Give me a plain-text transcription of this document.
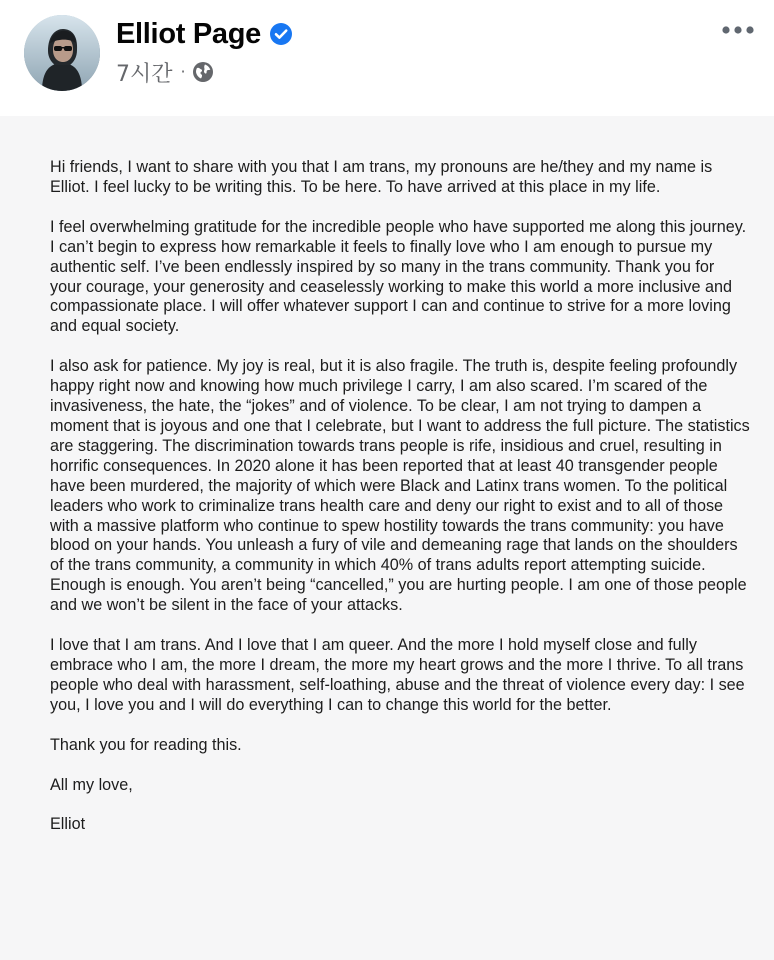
Elliot Page
7시간 ·

Hi friends, I want to share with you that I am trans, my pronouns are he/they and my name is Elliot. I feel lucky to be writing this. To be here. To have arrived at this place in my life.

I feel overwhelming gratitude for the incredible people who have supported me along this journey. I can’t begin to express how remarkable it feels to finally love who I am enough to pursue my authentic self. I’ve been endlessly inspired by so many in the trans community. Thank you for your courage, your generosity and ceaselessly working to make this world a more inclusive and compassionate place. I will offer whatever support I can and continue to strive for a more loving and equal society.

I also ask for patience. My joy is real, but it is also fragile. The truth is, despite feeling profoundly happy right now and knowing how much privilege I carry, I am also scared. I’m scared of the invasiveness, the hate, the “jokes” and of violence. To be clear, I am not trying to dampen a moment that is joyous and one that I celebrate, but I want to address the full picture. The statistics are staggering. The discrimination towards trans people is rife, insidious and cruel, resulting in horrific consequences. In 2020 alone it has been reported that at least 40 transgender people have been murdered, the majority of which were Black and Latinx trans women. To the political leaders who work to criminalize trans health care and deny our right to exist and to all of those with a massive platform who continue to spew hostility towards the trans community: you have blood on your hands. You unleash a fury of vile and demeaning rage that lands on the shoulders of the trans community, a community in which 40% of trans adults report attempting suicide. Enough is enough. You aren’t being “cancelled,” you are hurting people. I am one of those people and we won’t be silent in the face of your attacks.

I love that I am trans. And I love that I am queer. And the more I hold myself close and fully embrace who I am, the more I dream, the more my heart grows and the more I thrive. To all trans people who deal with harassment, self-loathing, abuse and the threat of violence every day: I see you, I love you and I will do everything I can to change this world for the better.

Thank you for reading this.

All my love,

Elliot
